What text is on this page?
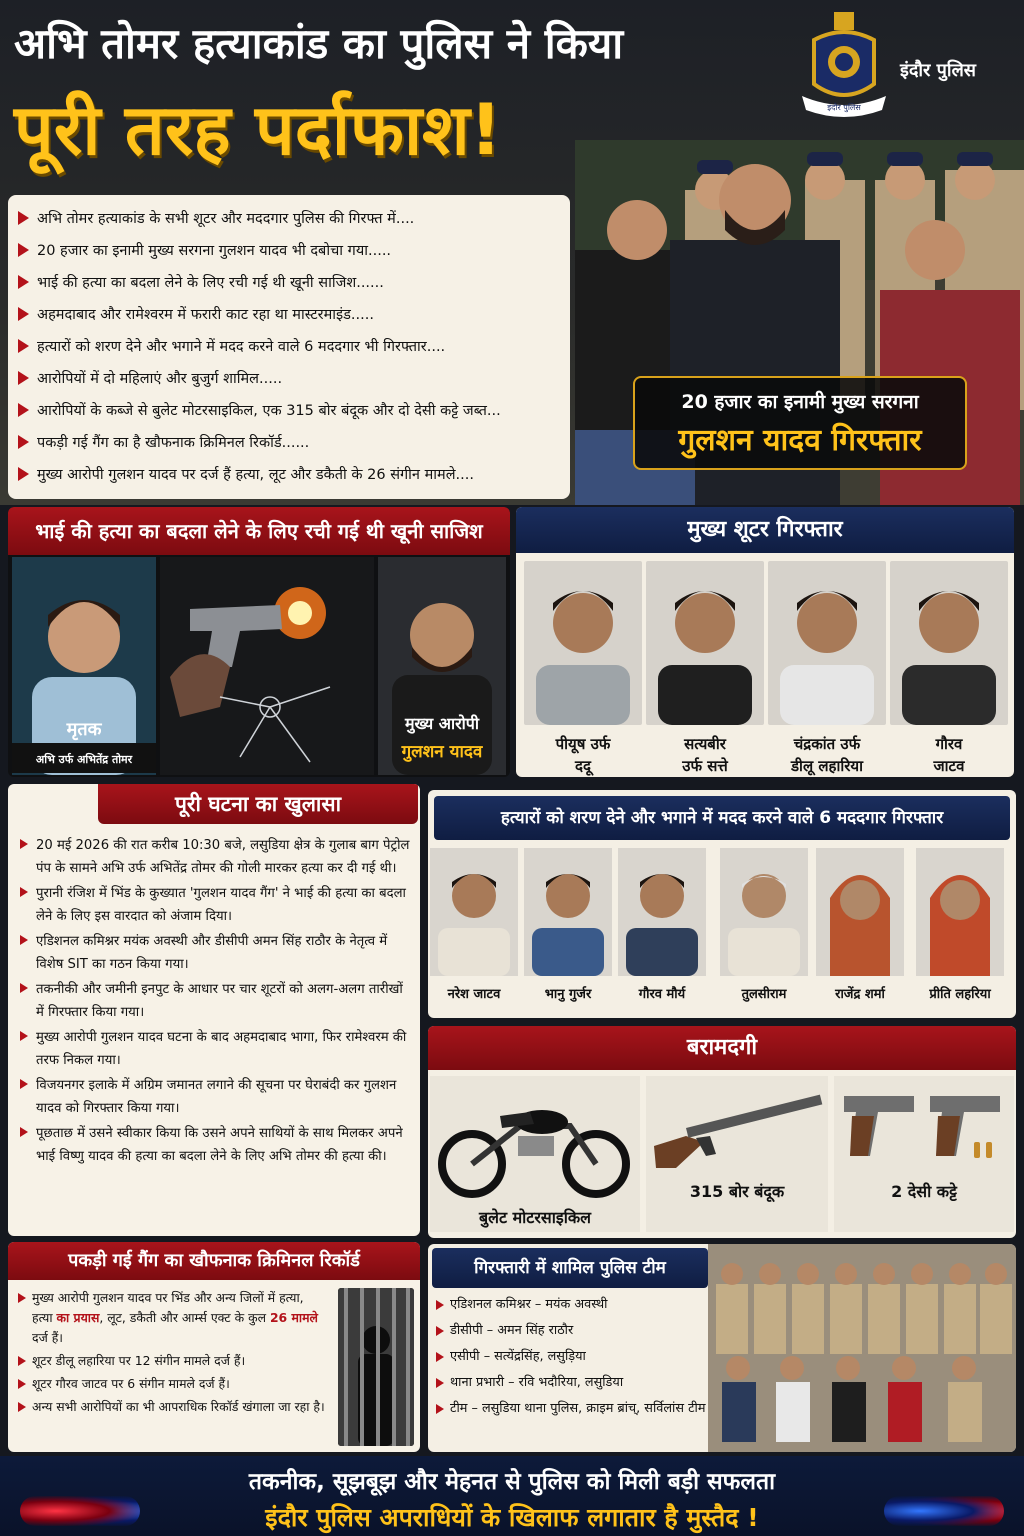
अभि तोमर हत्याकांड का पुलिस ने किया
पूरी तरह पर्दाफाश!	इंदौर पुलिस
इंदौर पुलिस
अभि तोमर हत्याकांड के सभी शूटर और मददगार पुलिस की गिरफ्त में....
20 हजार का इनामी मुख्य सरगना गुलशन यादव भी दबोचा गया.....
भाई की हत्या का बदला लेने के लिए रची गई थी खूनी साजिश......
अहमदाबाद और रामेश्वरम में फरारी काट रहा था मास्टरमाइंड.....
हत्यारों को शरण देने और भगाने में मदद करने वाले 6 मददगार भी गिरफ्तार....
आरोपियों में दो महिलाएं और बुजुर्ग शामिल.....
आरोपियों के कब्जे से बुलेट मोटरसाइकिल, एक 315 बोर बंदूक और दो देसी कट्टे जब्त...
पकड़ी गई गैंग का है खौफनाक क्रिमिनल रिकॉर्ड......
मुख्य आरोपी गुलशन यादव पर दर्ज हैं हत्या, लूट और डकैती के 26 संगीन मामले....
20 हजार का इनामी मुख्य सरगना
गुलशन यादव गिरफ्तार
भाई की हत्या का बदला लेने के लिए रची गई थी खूनी साजिश
मृतक
अभि उर्फ अभितेंद्र तोमर
मुख्य आरोपी
गुलशन यादव
मुख्य शूटर गिरफ्तार
पीयूष उर्फ
ददू
सत्यबीर
उर्फ सत्ते
चंद्रकांत उर्फ
डीलू लहारिया
गौरव
जाटव
पूरी घटना का खुलासा
20 मई 2026 की रात करीब 10:30 बजे, लसुडिया क्षेत्र के गुलाब बाग पेट्रोल पंप के सामने अभि उर्फ अभितेंद्र तोमर की गोली मारकर हत्या कर दी गई थी।
पुरानी रंजिश में भिंड के कुख्यात 'गुलशन यादव गैंग' ने भाई की हत्या का बदला लेने के लिए इस वारदात को अंजाम दिया।
एडिशनल कमिश्नर मयंक अवस्थी और डीसीपी अमन सिंह राठौर के नेतृत्व में विशेष SIT का गठन किया गया।
तकनीकी और जमीनी इनपुट के आधार पर चार शूटरों को अलग-अलग तारीखों में गिरफ्तार किया गया।
मुख्य आरोपी गुलशन यादव घटना के बाद अहमदाबाद भागा, फिर रामेश्वरम की तरफ निकल गया।
विजयनगर इलाके में अग्रिम जमानत लगाने की सूचना पर घेराबंदी कर गुलशन यादव को गिरफ्तार किया गया।
पूछताछ में उसने स्वीकार किया कि उसने अपने साथियों के साथ मिलकर अपने भाई विष्णु यादव की हत्या का बदला लेने के लिए अभि तोमर की हत्या की।
हत्यारों को शरण देने और भगाने में मदद करने वाले 6 मददगार गिरफ्तार
नरेश जाटव	भानु गुर्जर	गौरव मौर्य	तुलसीराम	राजेंद्र शर्मा	प्रीति लहरिया
बरामदगी
बुलेट मोटरसाइकिल
315 बोर बंदूक	2 देसी कट्टे
पकड़ी गई गैंग का खौफनाक क्रिमिनल रिकॉर्ड
मुख्य आरोपी गुलशन यादव पर भिंड और अन्य जिलों में हत्या, हत्या का प्रयास, लूट, डकैती और आर्म्स एक्ट के कुल 26 मामले दर्ज हैं।
शूटर डीलू लहारिया पर 12 संगीन मामले दर्ज हैं।
शूटर गौरव जाटव पर 6 संगीन मामले दर्ज हैं।
अन्य सभी आरोपियों का भी आपराधिक रिकॉर्ड खंगाला जा रहा है।
गिरफ्तारी में शामिल पुलिस टीम
एडिशनल कमिश्नर – मयंक अवस्थी
डीसीपी – अमन सिंह राठौर
एसीपी – सत्येंद्रसिंह, लसुड़िया
थाना प्रभारी – रवि भदौरिया, लसुडिया
टीम – लसुडिया थाना पुलिस, क्राइम ब्रांच्, सर्विलांस टीम
तकनीक, सूझबूझ और मेहनत से पुलिस को मिली बड़ी सफलता
इंदौर पुलिस अपराधियों के खिलाफ लगातार है मुस्तैद !
